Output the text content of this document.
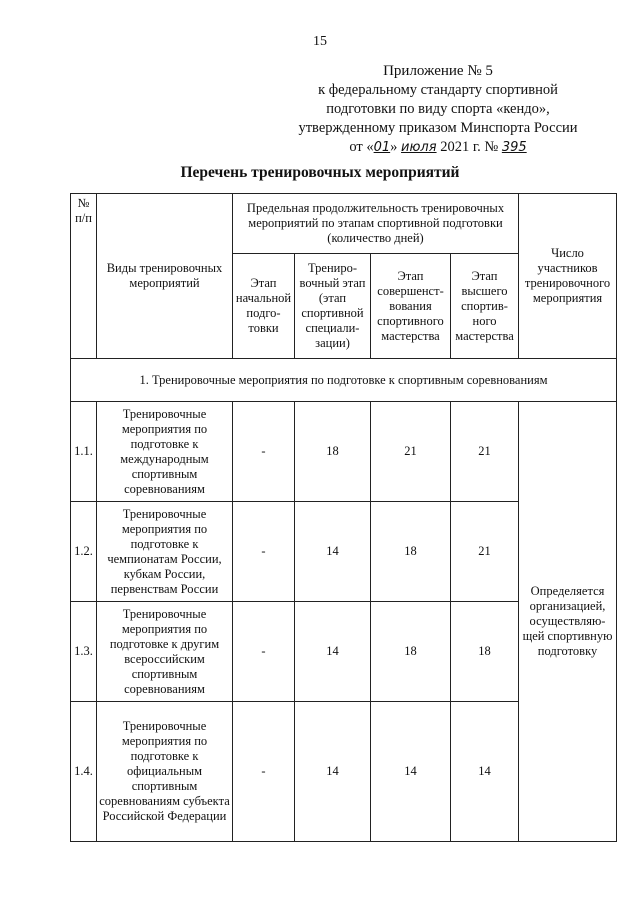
15
Приложение № 5
к федеральному стандарту спортивной
подготовки по виду спорта «кендо»,
утвержденному приказом Минспорта России
от «01» июля 2021 г. № 395
Перечень тренировочных мероприятий
№ п/п	Виды тренировочных мероприятий	Предельная продолжительность тренировочных мероприятий по этапам спортивной подготовки (количество дней)				Число участников тренировочного мероприятия
		Этап начальной подго-товки	Трениро-вочный этап (этап спортивной специали-зации)	Этап совершенст-вования спортивного мастерства	Этап высшего спортив-ного мастерства	
1. Тренировочные мероприятия по подготовке к спортивным соревнованиям						
1.1.	Тренировочные мероприятия по подготовке к международным спортивным соревнованиям	-	18	21	21	Определяется организацией, осуществляю-щей спортивную подготовку
1.2.	Тренировочные мероприятия по подготовке к чемпионатам России, кубкам России, первенствам России	-	14	18	21	
1.3.	Тренировочные мероприятия по подготовке к другим всероссийским спортивным соревнованиям	-	14	18	18	
1.4.	Тренировочные мероприятия по подготовке к официальным спортивным соревнованиям субъекта Российской Федерации	-	14	14	14	
